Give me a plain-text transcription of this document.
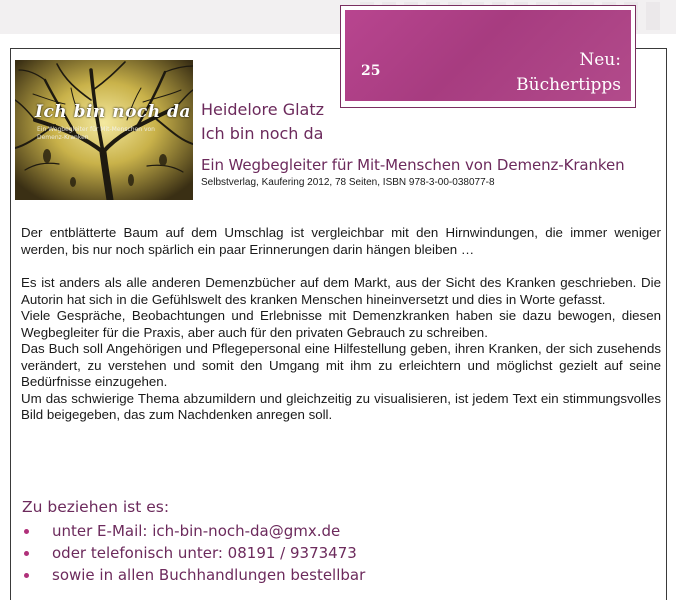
25
Neu:
Büchertipps
Ich bin noch da
Ein Wegbegleiter für Mit-Menschen von Demenz-Kranken
Heidelore Glatz
Ich bin noch da
Ein Wegbegleiter für Mit-Menschen von Demenz-Kranken
Selbstverlag, Kaufering 2012, 78 Seiten, ISBN 978-3-00-038077-8

Der entblätterte Baum auf dem Umschlag ist vergleichbar mit den Hirnwindungen, die immer weniger werden, bis nur noch spärlich ein paar Erinnerungen darin hängen bleiben …

Es ist anders als alle anderen Demenzbücher auf dem Markt, aus der Sicht des Kranken geschrieben. Die Autorin hat sich in die Gefühlswelt des kranken Menschen hineinversetzt und dies in Worte gefasst.

Viele Gespräche, Beobachtungen und Erlebnisse mit Demenzkranken haben sie dazu bewogen, diesen Wegbegleiter für die Praxis, aber auch für den privaten Gebrauch zu schreiben.

Das Buch soll Angehörigen und Pflegepersonal eine Hilfestellung geben, ihren Kranken, der sich zusehends verändert, zu verstehen und somit den Umgang mit ihm zu erleichtern und möglichst gezielt auf seine Bedürfnisse einzugehen.

Um das schwierige Thema abzumildern und gleichzeitig zu visualisieren, ist jedem Text ein stimmungsvolles Bild beigegeben, das zum Nachdenken anregen soll.

Zu beziehen ist es:
unter E-Mail: ich-bin-noch-da@gmx.de
oder telefonisch unter: 08191 / 9373473
sowie in allen Buchhandlungen bestellbar
